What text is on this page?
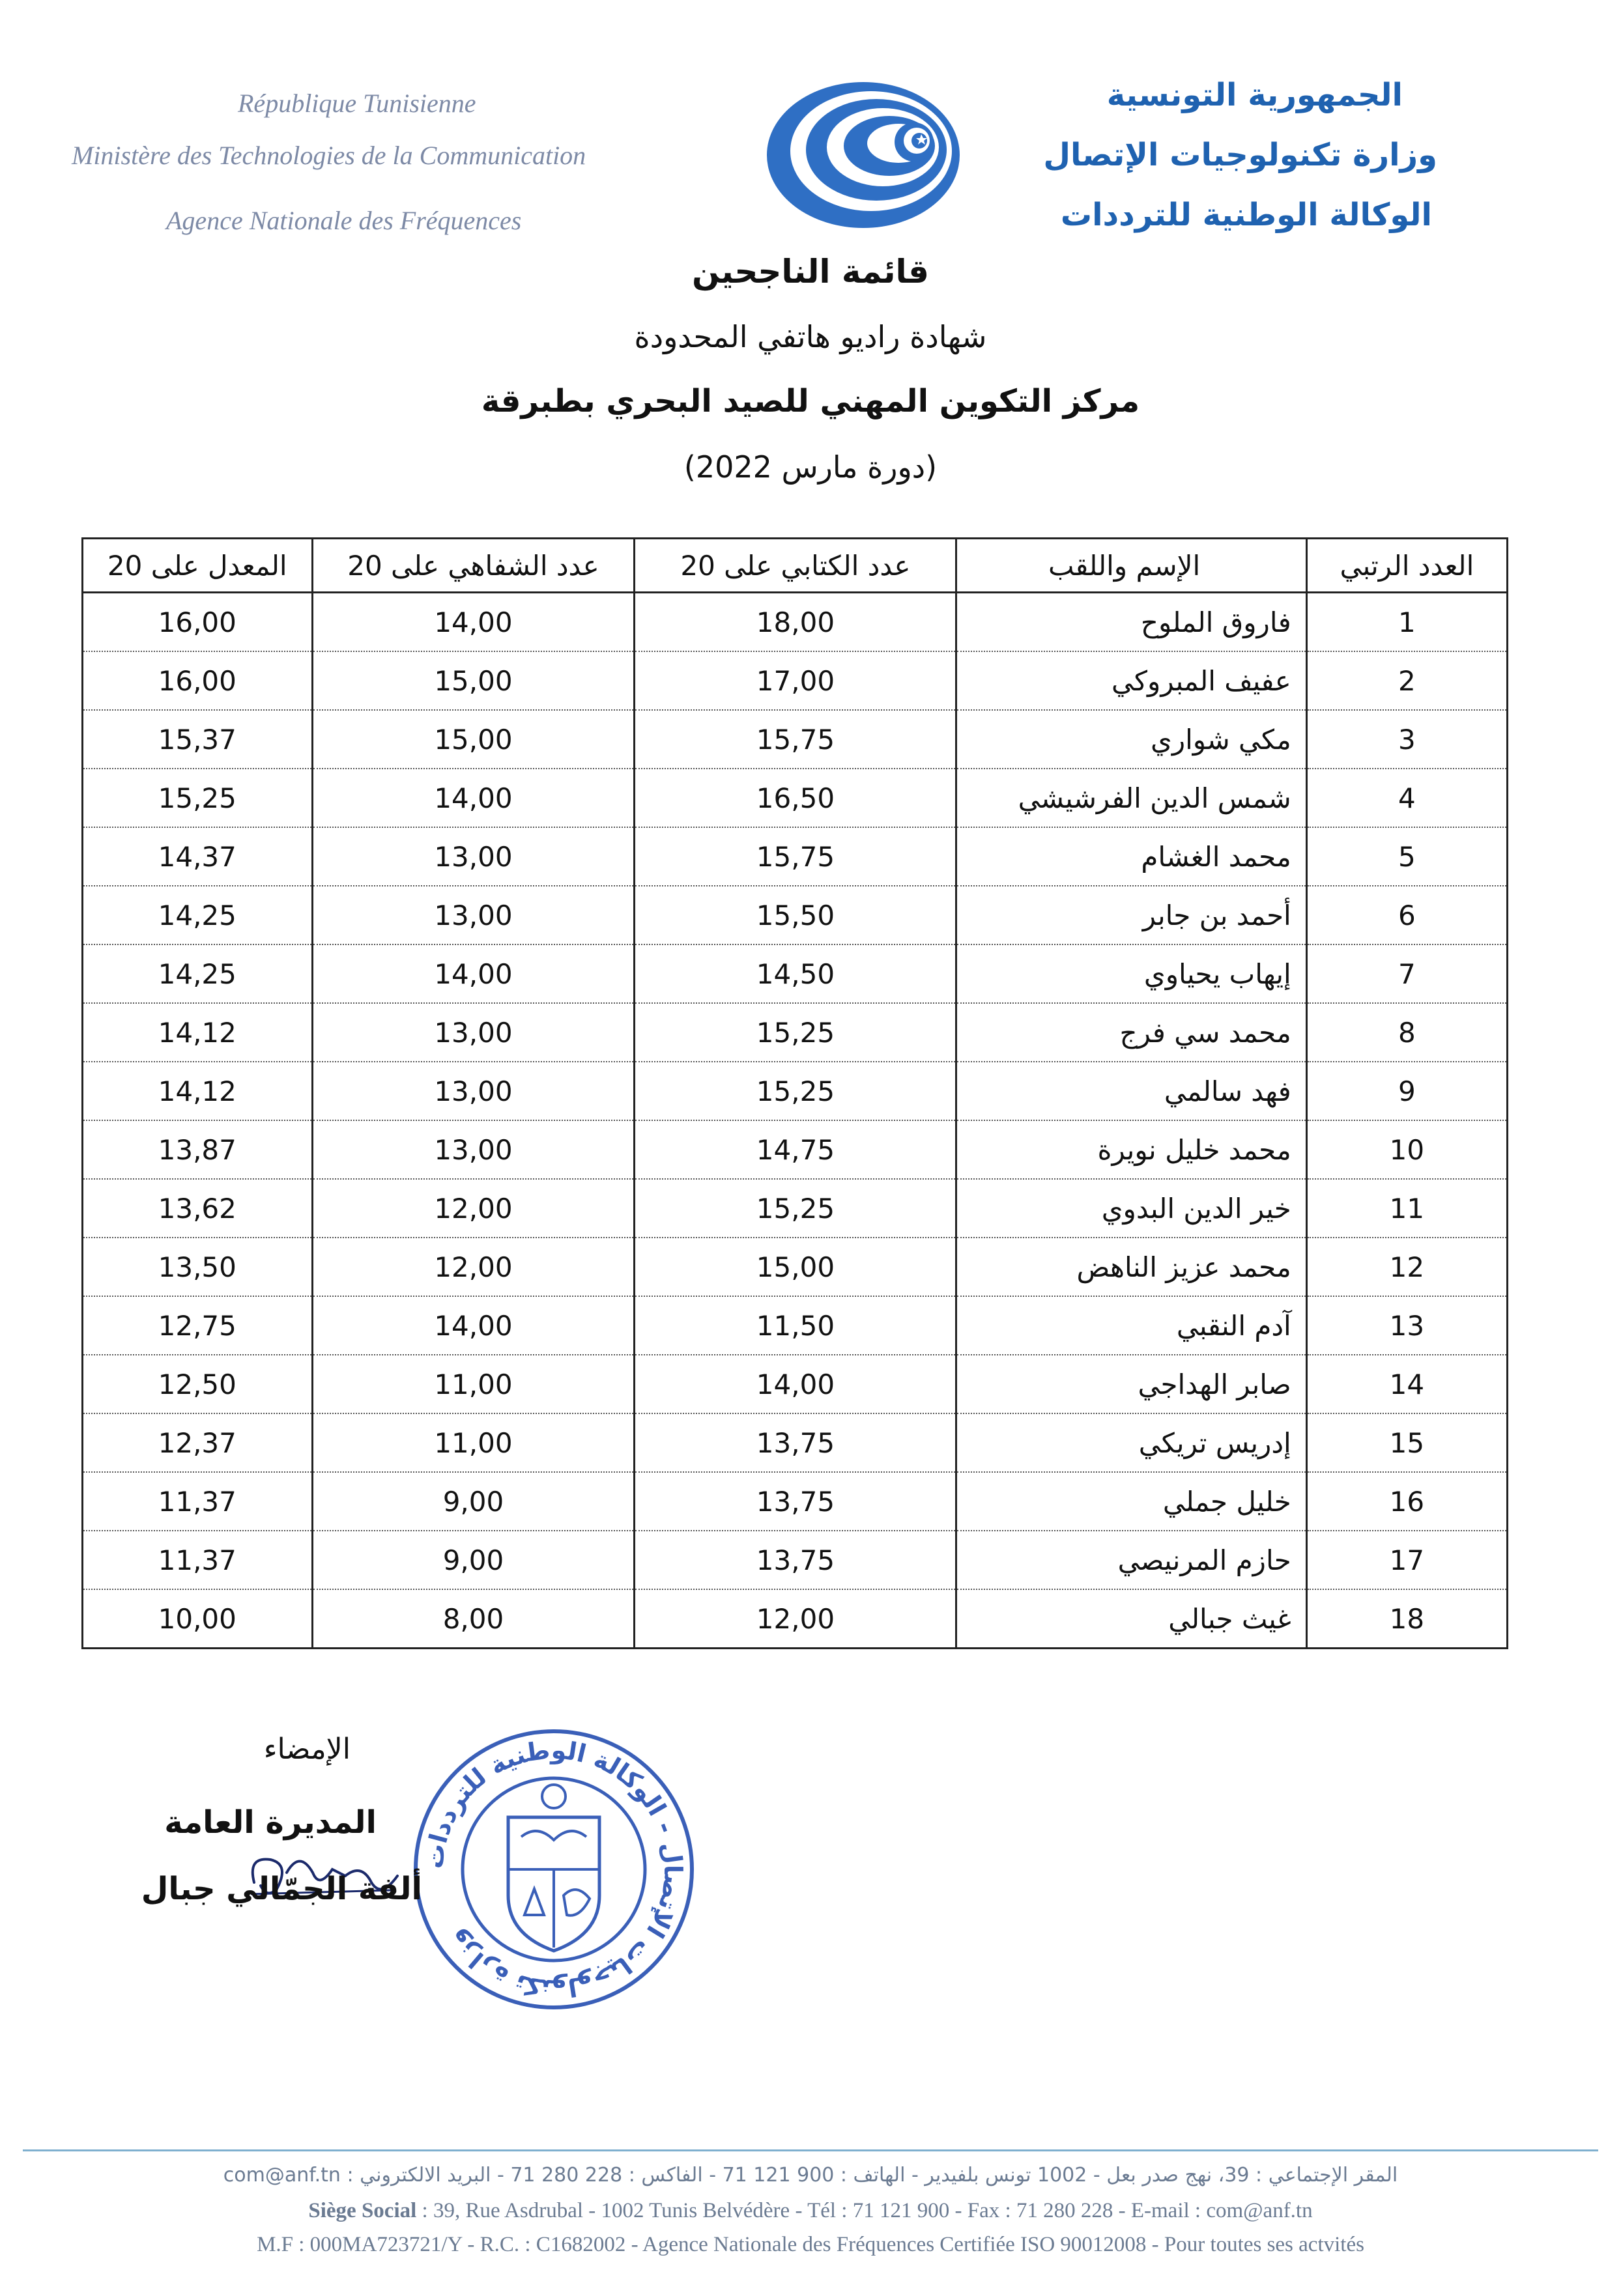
République Tunisienne
Ministère des Technologies de la Communication
Agence Nationale des Fréquences
الجمهورية التونسية
وزارة تكنولوجيات الإتصال
الوكالة الوطنية للترددات
قائمة الناجحين
شهادة راديو هاتفي المحدودة
مركز التكوين المهني للصيد البحري بطبرقة
(دورة مارس 2022)
المعدل على 20	عدد الشفاهي على 20	عدد الكتابي على 20	الإسم واللقب	العدد الرتبي
16,00	14,00	18,00	فاروق الملوح	1
16,00	15,00	17,00	عفيف المبروكي	2
15,37	15,00	15,75	مكي شواري	3
15,25	14,00	16,50	شمس الدين الفرشيشي	4
14,37	13,00	15,75	محمد الغشام	5
14,25	13,00	15,50	أحمد بن جابر	6
14,25	14,00	14,50	إيهاب يحياوي	7
14,12	13,00	15,25	محمد سي فرج	8
14,12	13,00	15,25	فهد سالمي	9
13,87	13,00	14,75	محمد خليل نويرة	10
13,62	12,00	15,25	خير الدين البدوي	11
13,50	12,00	15,00	محمد عزيز الناهض	12
12,75	14,00	11,50	آدم النقبي	13
12,50	11,00	14,00	صابر الهداجي	14
12,37	11,00	13,75	إدريس تريكي	15
11,37	9,00	13,75	خليل جملي	16
11,37	9,00	13,75	حازم المرنيصي	17
10,00	8,00	12,00	غيث جبالي	18
الإمضاء
وزارة تكنولوجيات الإتصال - الوكالة الوطنية للترددات
المديرة العامة
ألفة الجمّالي جبال
المقر الإجتماعي : 39، نهج صدر بعل - 1002 تونس بلفيدير - الهاتف : 900 121 71 - الفاكس : 228 280 71 - البريد الالكتروني : com@anf.tn
Siège Social : 39, Rue Asdrubal - 1002 Tunis Belvédère - Tél : 71 121 900 - Fax : 71 280 228 - E-mail : com@anf.tn
M.F : 000MA723721/Y - R.C. : C1682002 - Agence Nationale des Fréquences Certifiée ISO 90012008 - Pour toutes ses actvités
